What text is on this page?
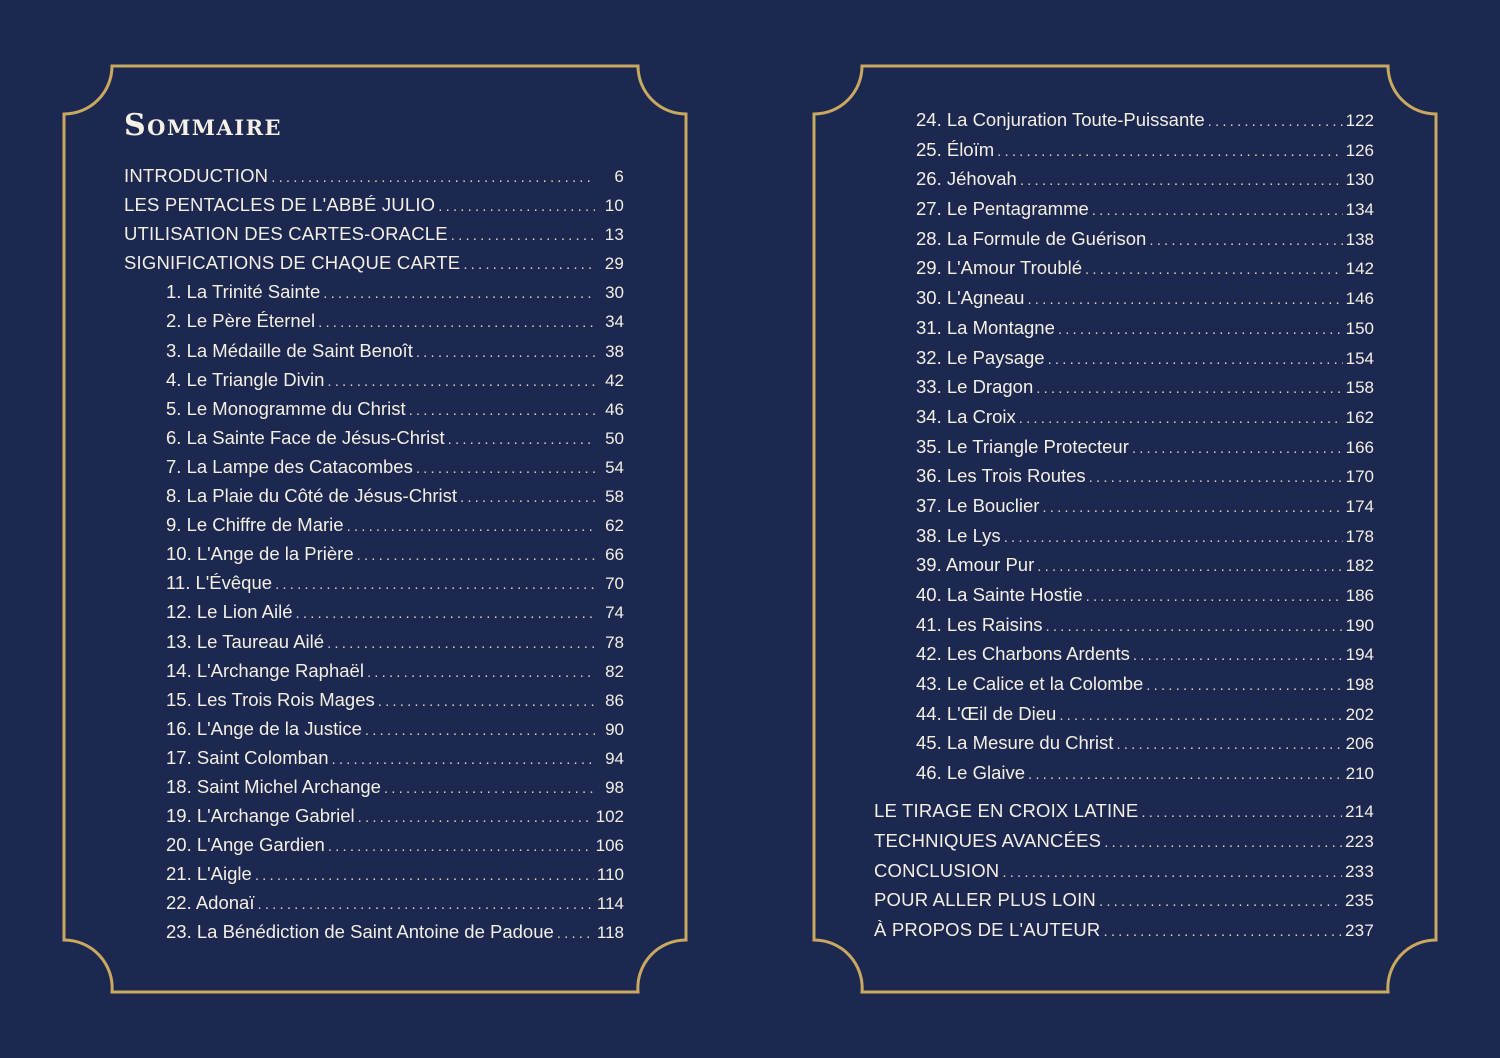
Sommaire
INTRODUCTION . . .	6
LES PENTACLES DE L'ABBÉ JULIO . . .	10
UTILISATION DES CARTES-ORACLE . . .	13
SIGNIFICATIONS DE CHAQUE CARTE . . .	29
1. La Trinité Sainte . . .	30
2. Le Père Éternel . . .	34
3. La Médaille de Saint Benoît . . .	38
4. Le Triangle Divin . . .	42
5. Le Monogramme du Christ . . .	46
6. La Sainte Face de Jésus-Christ . . .	50
7. La Lampe des Catacombes . . .	54
8. La Plaie du Côté de Jésus-Christ . . .	58
9. Le Chiffre de Marie . . .	62
10. L'Ange de la Prière . . .	66
11. L'Évêque . . .	70
12. Le Lion Ailé . . .	74
13. Le Taureau Ailé . . .	78
14. L'Archange Raphaël . . .	82
15. Les Trois Rois Mages . . .	86
16. L'Ange de la Justice . . .	90
17. Saint Colomban . . .	94
18. Saint Michel Archange . . .	98
19. L'Archange Gabriel . . .	102
20. L'Ange Gardien . . .	106
21. L'Aigle . . .	110
22. Adonaï . . .	114
23. La Bénédiction de Saint Antoine de Padoue . . .	118
24. La Conjuration Toute-Puissante . . .	122
25. Éloïm . . .	126
26. Jéhovah . . .	130
27. Le Pentagramme . . .	134
28. La Formule de Guérison . . .	138
29. L'Amour Troublé . . .	142
30. L'Agneau . . .	146
31. La Montagne . . .	150
32. Le Paysage . . .	154
33. Le Dragon . . .	158
34. La Croix . . .	162
35. Le Triangle Protecteur . . .	166
36. Les Trois Routes . . .	170
37. Le Bouclier . . .	174
38. Le Lys . . .	178
39. Amour Pur . . .	182
40. La Sainte Hostie . . .	186
41. Les Raisins . . .	190
42. Les Charbons Ardents . . .	194
43. Le Calice et la Colombe . . .	198
44. L'Œil de Dieu . . .	202
45. La Mesure du Christ . . .	206
46. Le Glaive . . .	210
LE TIRAGE EN CROIX LATINE . . .	214
TECHNIQUES AVANCÉES . . .	223
CONCLUSION . . .	233
POUR ALLER PLUS LOIN . . .	235
À PROPOS DE L'AUTEUR . . .	237
